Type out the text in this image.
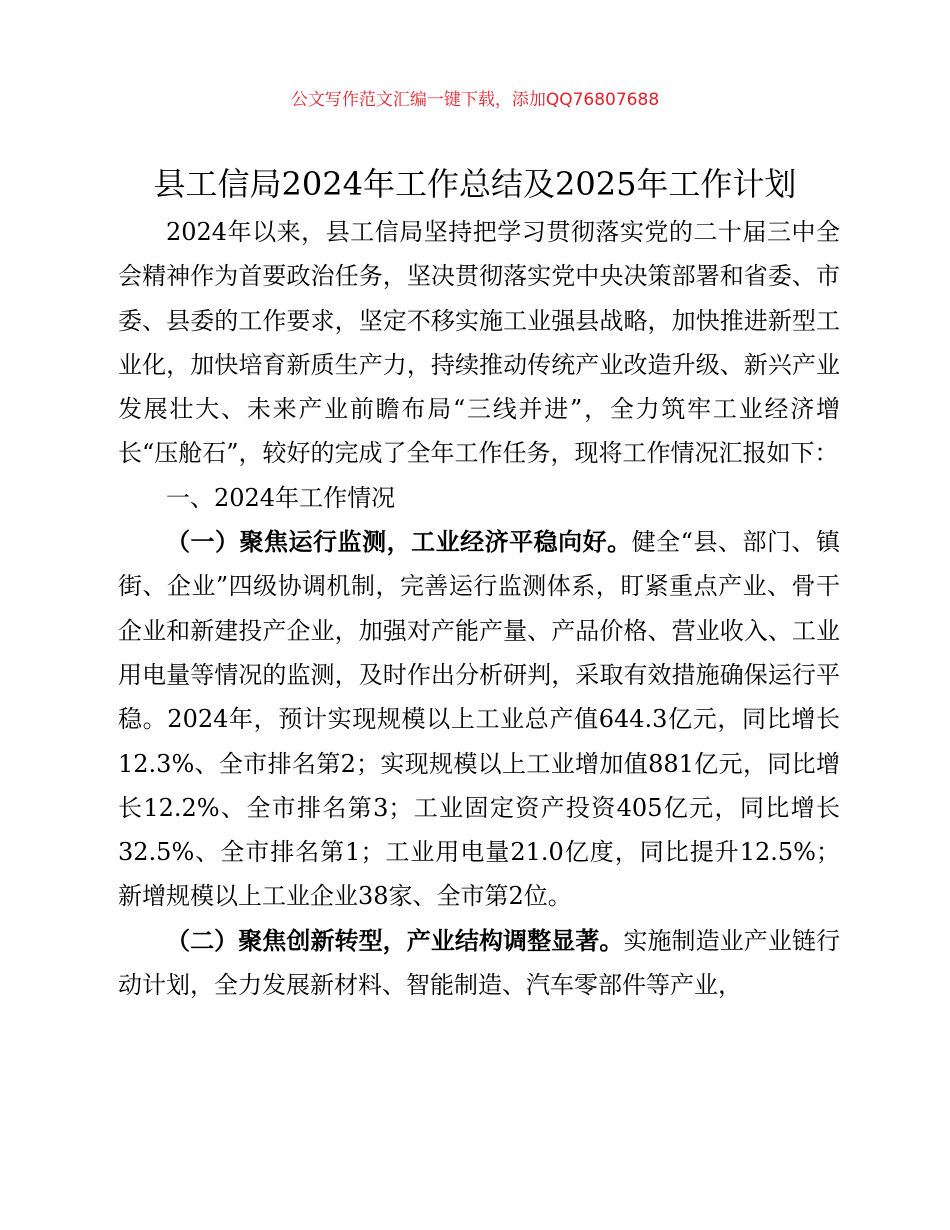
公文写作范文汇编一键下载，添加QQ76807688
县工信局2024年工作总结及2025年工作计划

2024年以来，县工信局坚持把学习贯彻落实党的二十届三中全会精神作为首要政治任务，坚决贯彻落实党中央决策部署和省委、市委、县委的工作要求，坚定不移实施工业强县战略，加快推进新型工业化，加快培育新质生产力，持续推动传统产业改造升级、新兴产业发展壮大、未来产业前瞻布局“三线并进”，全力筑牢工业经济增长“压舱石”，较好的完成了全年工作任务，现将工作情况汇报如下：

一、2024年工作情况

（一）聚焦运行监测，工业经济平稳向好。健全“县、部门、镇街、企业”四级协调机制，完善运行监测体系，盯紧重点产业、骨干企业和新建投产企业，加强对产能产量、产品价格、营业收入、工业用电量等情况的监测，及时作出分析研判，采取有效措施确保运行平稳。2024年，预计实现规模以上工业总产值644.3亿元，同比增长12.3%、全市排名第2；实现规模以上工业增加值881亿元，同比增长12.2%、全市排名第3；工业固定资产投资405亿元，同比增长32.5%、全市排名第1；工业用电量21.0亿度，同比提升12.5%；新增规模以上工业企业38家、全市第2位。

（二）聚焦创新转型，产业结构调整显著。实施制造业产业链行动计划，全力发展新材料、智能制造、汽车零部件等产业，
